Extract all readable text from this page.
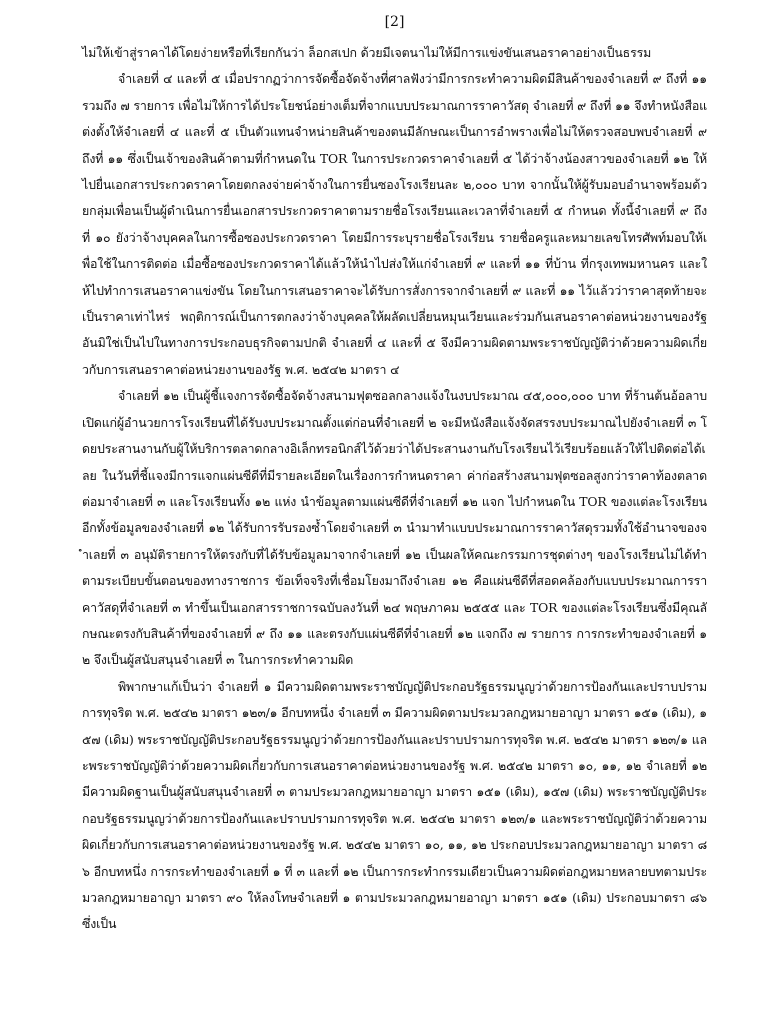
[2]

ไม่ให้เข้าสู่ราคาได้โดยง่ายหรือที่เรียกกันว่า ล็อกสเปก ด้วยมีเจตนาไม่ให้มีการแข่งขันเสนอราคาอย่างเป็นธรรม

จำเลยที่ ๔ และที่ ๕ เมื่อปรากฏว่าการจัดซื้อจัดจ้างที่ศาลฟังว่ามีการกระทำความผิดมีสินค้าของจำเลยที่ ๙ ถึงที่ ๑๑ รวมถึง ๗ รายการ เพื่อไม่ให้การได้ประโยชน์อย่างเต็มที่จากแบบประมาณการราคาวัสดุ จำเลยที่ ๙ ถึงที่ ๑๑ จึงทำหนังสือแต่งตั้งให้จำเลยที่ ๔ และที่ ๕ เป็นตัวแทนจำหน่ายสินค้าของตนมีลักษณะเป็นการอำพรางเพื่อไม่ให้ตรวจสอบพบจำเลยที่ ๙ ถึงที่ ๑๑ ซึ่งเป็นเจ้าของสินค้าตามที่กำหนดใน TOR ในการประกวดราคาจำเลยที่ ๕ ได้ว่าจ้างน้องสาวของจำเลยที่ ๑๒ ให้ไปยื่นเอกสารประกวดราคาโดยตกลงจ่ายค่าจ้างในการยื่นซองโรงเรียนละ ๒,๐๐๐ บาท จากนั้นให้ผู้รับมอบอำนาจพร้อมด้วยกลุ่มเพื่อนเป็นผู้ดำเนินการยื่นเอกสารประกวดราคาตามรายชื่อโรงเรียนและเวลาที่จำเลยที่ ๕ กำหนด ทั้งนี้จำเลยที่ ๙ ถึงที่ ๑๐ ยังว่าจ้างบุคคลในการซื้อซองประกวดราคา โดยมีการระบุรายชื่อโรงเรียน รายชื่อครูและหมายเลขโทรศัพท์มอบให้เพื่อใช้ในการติดต่อ เมื่อซื้อซองประกวดราคาได้แล้วให้นำไปส่งให้แก่จำเลยที่ ๙ และที่ ๑๑ ที่บ้าน ที่กรุงเทพมหานคร และให้ไปทำการเสนอราคาแข่งขัน โดยในการเสนอราคาจะได้รับการสั่งการจากจำเลยที่ ๙ และที่ ๑๑ ไว้แล้วว่าราคาสุดท้ายจะเป็นราคาเท่าไหร่ พฤติการณ์เป็นการตกลงว่าจ้างบุคคลให้ผลัดเปลี่ยนหมุนเวียนและร่วมกันเสนอราคาต่อหน่วยงานของรัฐ อันมิใช่เป็นไปในทางการประกอบธุรกิจตามปกติ จำเลยที่ ๔ และที่ ๕ จึงมีความผิดตามพระราชบัญญัติว่าด้วยความผิดเกี่ยวกับการเสนอราคาต่อหน่วยงานของรัฐ พ.ศ. ๒๕๔๒ มาตรา ๔

จำเลยที่ ๑๒ เป็นผู้ชี้แจงการจัดซื้อจัดจ้างสนามฟุตซอลกลางแจ้งในงบประมาณ ๔๕,๐๐๐,๐๐๐ บาท ที่ร้านต้นอ้อลาบเปิดแก่ผู้อำนวยการโรงเรียนที่ได้รับงบประมาณตั้งแต่ก่อนที่จำเลยที่ ๒ จะมีหนังสือแจ้งจัดสรรงบประมาณไปยังจำเลยที่ ๓ โดยประสานงานกับผู้ให้บริการตลาดกลางอิเล็กทรอนิกส์ไว้ด้วยว่าได้ประสานงานกับโรงเรียนไว้เรียบร้อยแล้วให้ไปติดต่อได้เลย ในวันที่ชี้แจงมีการแจกแผ่นซีดีที่มีรายละเอียดในเรื่องการกำหนดราคา ค่าก่อสร้างสนามฟุตซอลสูงกว่าราคาท้องตลาด ต่อมาจำเลยที่ ๓ และโรงเรียนทั้ง ๑๒ แห่ง นำข้อมูลตามแผ่นซีดีที่จำเลยที่ ๑๒ แจก ไปกำหนดใน TOR ของแต่ละโรงเรียน อีกทั้งข้อมูลของจำเลยที่ ๑๒ ได้รับการรับรองซ้ำโดยจำเลยที่ ๓ นำมาทำแบบประมาณการราคาวัสดุรวมทั้งใช้อำนาจของจำเลยที่ ๓ อนุมัติรายการให้ตรงกับที่ได้รับข้อมูลมาจากจำเลยที่ ๑๒ เป็นผลให้คณะกรรมการชุดต่างๆ ของโรงเรียนไม่ได้ทำตามระเบียบขั้นตอนของทางราชการ ข้อเท็จจริงที่เชื่อมโยงมาถึงจำเลย ๑๒ คือแผ่นซีดีที่สอดคล้องกับแบบประมาณการราคาวัสดุที่จำเลยที่ ๓ ทำขึ้นเป็นเอกสารราชการฉบับลงวันที่ ๒๔ พฤษภาคม ๒๕๕๕ และ TOR ของแต่ละโรงเรียนซึ่งมีคุณลักษณะตรงกับสินค้าที่ของจำเลยที่ ๙ ถึง ๑๑ และตรงกับแผ่นซีดีที่จำเลยที่ ๑๒ แจกถึง ๗ รายการ การกระทำของจำเลยที่ ๑๒ จึงเป็นผู้สนับสนุนจำเลยที่ ๓ ในการกระทำความผิด

พิพากษาแก้เป็นว่า จำเลยที่ ๑ มีความผิดตามพระราชบัญญัติประกอบรัฐธรรมนูญว่าด้วยการป้องกันและปราบปรามการทุจริต พ.ศ. ๒๕๔๒ มาตรา ๑๒๓/๑ อีกบทหนึ่ง จำเลยที่ ๓ มีความผิดตามประมวลกฎหมายอาญา มาตรา ๑๕๑ (เดิม), ๑๕๗ (เดิม) พระราชบัญญัติประกอบรัฐธรรมนูญว่าด้วยการป้องกันและปราบปรามการทุจริต พ.ศ. ๒๕๔๒ มาตรา ๑๒๓/๑ และพระราชบัญญัติว่าด้วยความผิดเกี่ยวกับการเสนอราคาต่อหน่วยงานของรัฐ พ.ศ. ๒๕๔๒ มาตรา ๑๐, ๑๑, ๑๒ จำเลยที่ ๑๒ มีความผิดฐานเป็นผู้สนับสนุนจำเลยที่ ๓ ตามประมวลกฎหมายอาญา มาตรา ๑๕๑ (เดิม), ๑๕๗ (เดิม) พระราชบัญญัติประกอบรัฐธรรมนูญว่าด้วยการป้องกันและปราบปรามการทุจริต พ.ศ. ๒๕๔๒ มาตรา ๑๒๓/๑ และพระราชบัญญัติว่าด้วยความผิดเกี่ยวกับการเสนอราคาต่อหน่วยงานของรัฐ พ.ศ. ๒๕๔๒ มาตรา ๑๐, ๑๑, ๑๒ ประกอบประมวลกฎหมายอาญา มาตรา ๘๖ อีกบทหนึ่ง การกระทำของจำเลยที่ ๑ ที่ ๓ และที่ ๑๒ เป็นการกระทำกรรมเดียวเป็นความผิดต่อกฎหมายหลายบทตามประมวลกฎหมายอาญา มาตรา ๙๐ ให้ลงโทษจำเลยที่ ๑ ตามประมวลกฎหมายอาญา มาตรา ๑๕๑ (เดิม) ประกอบมาตรา ๘๖ ซึ่งเป็น
